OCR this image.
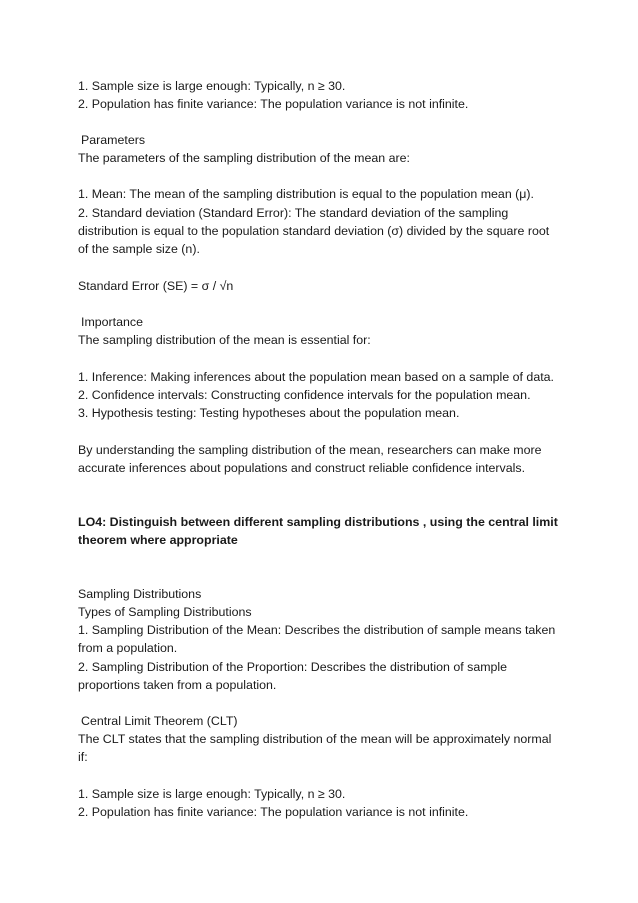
1. Sample size is large enough: Typically, n ≥ 30.
2. Population has finite variance: The population variance is not infinite.
Parameters
The parameters of the sampling distribution of the mean are:
1. Mean: The mean of the sampling distribution is equal to the population mean (μ).
2. Standard deviation (Standard Error): The standard deviation of the sampling
distribution is equal to the population standard deviation (σ) divided by the square root
of the sample size (n).
Standard Error (SE) = σ / √n
Importance
The sampling distribution of the mean is essential for:
1. Inference: Making inferences about the population mean based on a sample of data.
2. Confidence intervals: Constructing confidence intervals for the population mean.
3. Hypothesis testing: Testing hypotheses about the population mean.
By understanding the sampling distribution of the mean, researchers can make more
accurate inferences about populations and construct reliable confidence intervals.
LO4: Distinguish between different sampling distributions , using the central limit
theorem where appropriate
Sampling Distributions
Types of Sampling Distributions
1. Sampling Distribution of the Mean: Describes the distribution of sample means taken
from a population.
2. Sampling Distribution of the Proportion: Describes the distribution of sample
proportions taken from a population.
Central Limit Theorem (CLT)
The CLT states that the sampling distribution of the mean will be approximately normal
if:
1. Sample size is large enough: Typically, n ≥ 30.
2. Population has finite variance: The population variance is not infinite.
